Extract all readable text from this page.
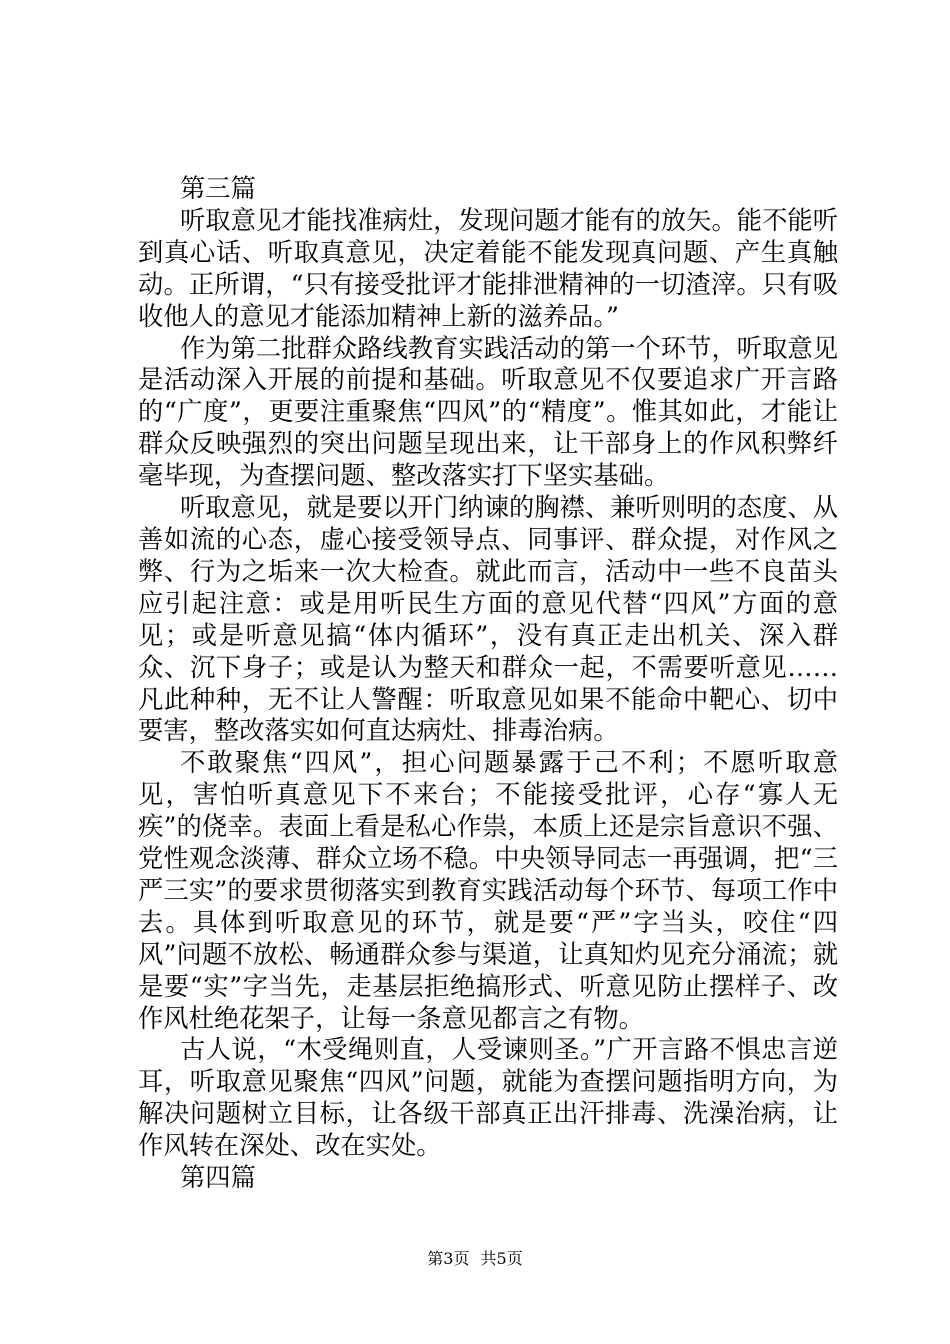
第三篇

听取意见才能找准病灶，发现问题才能有的放矢。能不能听到真心话、听取真意见，决定着能不能发现真问题、产生真触动。正所谓，“只有接受批评才能排泄精神的一切渣滓。只有吸收他人的意见才能添加精神上新的滋养品。”

作为第二批群众路线教育实践活动的第一个环节，听取意见是活动深入开展的前提和基础。听取意见不仅要追求广开言路的“广度”，更要注重聚焦“四风”的“精度”。惟其如此，才能让群众反映强烈的突出问题呈现出来，让干部身上的作风积弊纤毫毕现，为查摆问题、整改落实打下坚实基础。

听取意见，就是要以开门纳谏的胸襟、兼听则明的态度、从善如流的心态，虚心接受领导点、同事评、群众提，对作风之弊、行为之垢来一次大检查。就此而言，活动中一些不良苗头应引起注意：或是用听民生方面的意见代替“四风”方面的意见；或是听意见搞“体内循环”，没有真正走出机关、深入群众、沉下身子；或是认为整天和群众一起，不需要听意见……凡此种种，无不让人警醒：听取意见如果不能命中靶心、切中要害，整改落实如何直达病灶、排毒治病。

不敢聚焦“四风”，担心问题暴露于己不利；不愿听取意见，害怕听真意见下不来台；不能接受批评，心存“寡人无疾”的侥幸。表面上看是私心作祟，本质上还是宗旨意识不强、党性观念淡薄、群众立场不稳。中央领导同志一再强调，把“三严三实”的要求贯彻落实到教育实践活动每个环节、每项工作中去。具体到听取意见的环节，就是要“严”字当头，咬住“四风”问题不放松、畅通群众参与渠道，让真知灼见充分涌流；就是要“实”字当先，走基层拒绝搞形式、听意见防止摆样子、改作风杜绝花架子，让每一条意见都言之有物。

古人说，“木受绳则直，人受谏则圣。”广开言路不惧忠言逆耳，听取意见聚焦“四风”问题，就能为查摆问题指明方向，为解决问题树立目标，让各级干部真正出汗排毒、洗澡治病，让作风转在深处、改在实处。

第四篇

第3页 共5页
